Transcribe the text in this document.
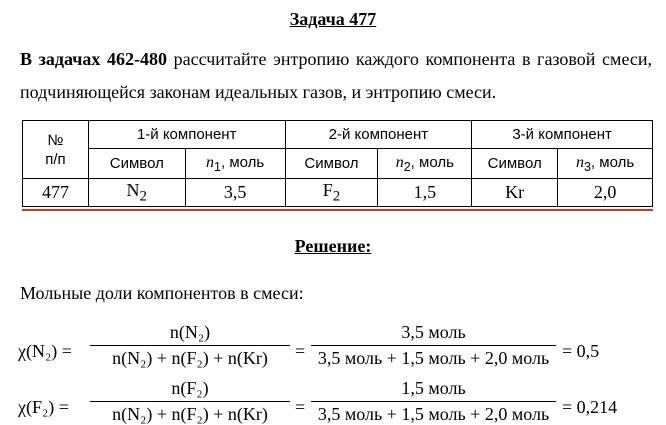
Задача 477
В задачах 462-480 рассчитайте энтропию каждого компонента в газовой смеси, подчиняющейся законам идеальных газов, и энтропию смеси.
№
п/п	1-й компонент		2-й компонент		3-й компонент	
	Символ	$n_1$, моль	Символ	$n_2$, моль	Символ	$n_3$, моль
477	$N_2$	3,5	$F_2$	1,5	Kr	2,0
Решение:
Мольные доли компонентов в смеси:
χ(N₂) =
n(N₂)
n(N₂) + n(F₂) + n(Kr)	=
3,5 моль
3,5 моль + 1,5 моль + 2,0 моль = 0,5
χ(F₂) =
n(F₂)
n(N₂) + n(F₂) + n(Kr)	=
1,5 моль
3,5 моль + 1,5 моль + 2,0 моль = 0,214
